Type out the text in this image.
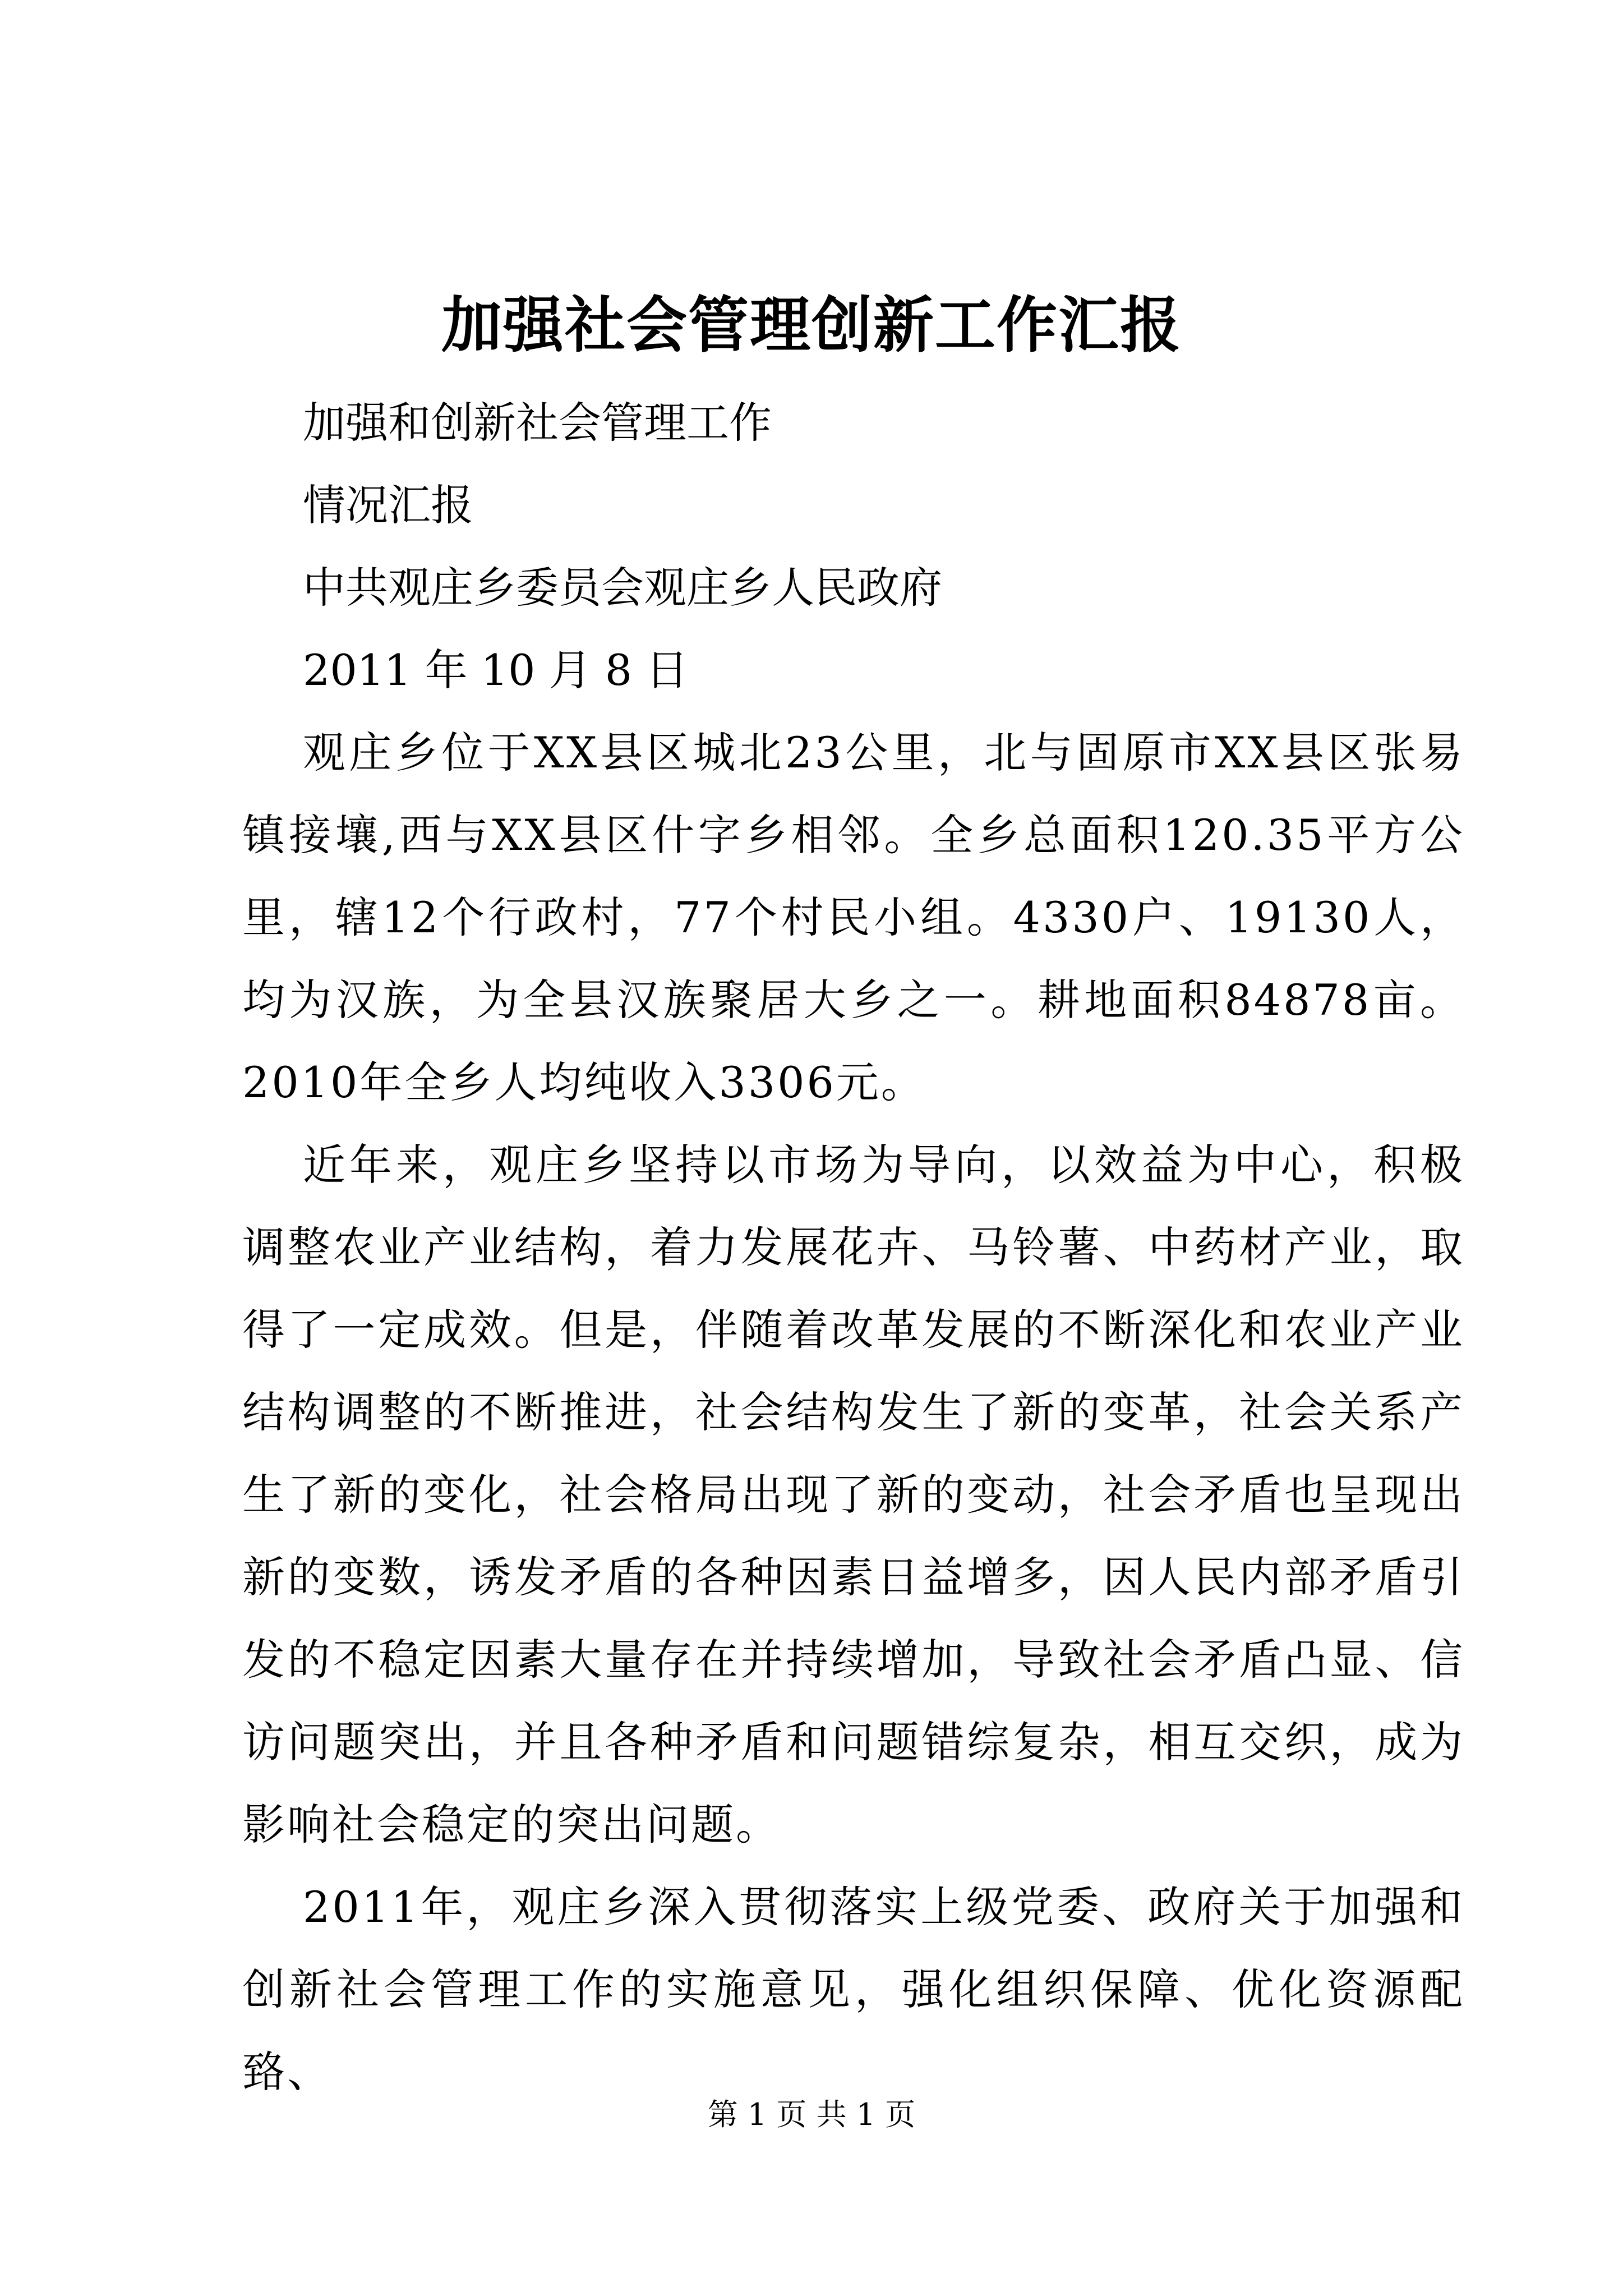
加强社会管理创新工作汇报

加强和创新社会管理工作

情况汇报

中共观庄乡委员会观庄乡人民政府

2011 年 10 月 8 日

观庄乡位于XX县区城北23公里，北与固原市XX县区张易镇接壤,西与XX县区什字乡相邻。全乡总面积120.35平方公里，辖12个行政村，77个村民小组。4330户、19130人，均为汉族，为全县汉族聚居大乡之一。耕地面积84878亩。2010年全乡人均纯收入3306元。

近年来，观庄乡坚持以市场为导向，以效益为中心，积极调整农业产业结构，着力发展花卉、马铃薯、中药材产业，取得了一定成效。但是，伴随着改革发展的不断深化和农业产业结构调整的不断推进，社会结构发生了新的变革，社会关系产生了新的变化，社会格局出现了新的变动，社会矛盾也呈现出新的变数，诱发矛盾的各种因素日益增多，因人民内部矛盾引发的不稳定因素大量存在并持续增加，导致社会矛盾凸显、信访问题突出，并且各种矛盾和问题错综复杂，相互交织，成为影响社会稳定的突出问题。

2011年，观庄乡深入贯彻落实上级党委、政府关于加强和创新社会管理工作的实施意见，强化组织保障、优化资源配臵、

第 1 页 共 1 页
